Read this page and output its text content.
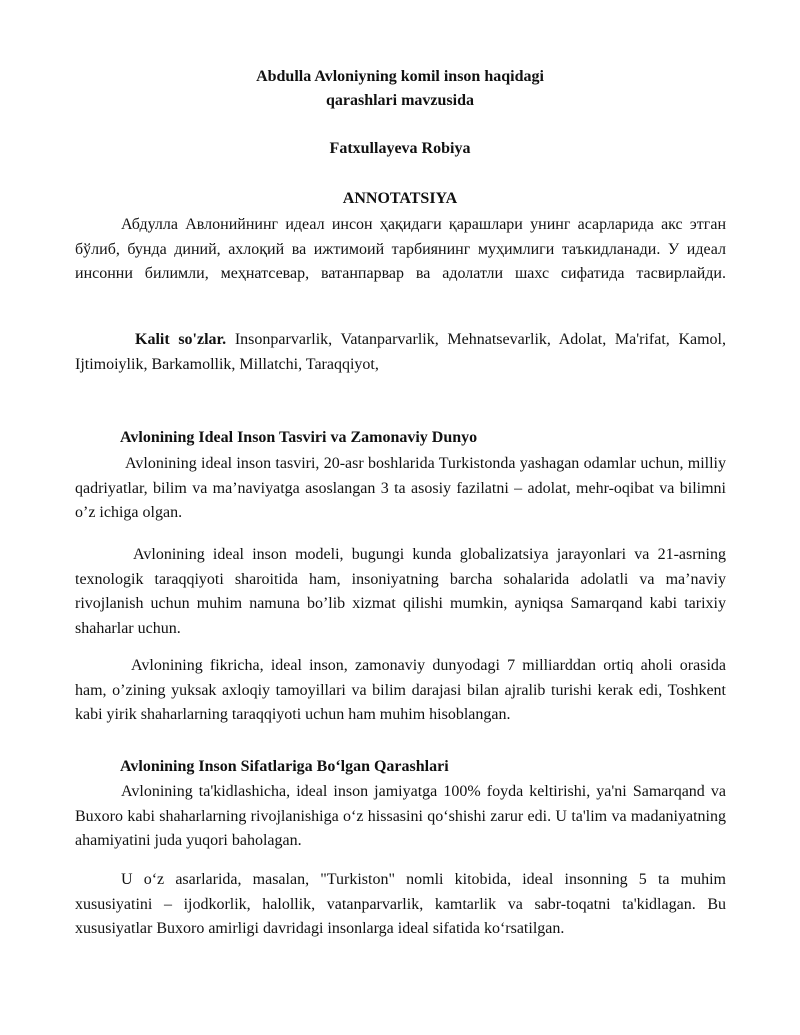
Abdulla Avloniyning komil inson haqidagi
qarashlari mavzusida
Fatxullayeva Robiya
ANNOTATSIYA

Абдулла Авлонийнинг идеал инсон ҳақидаги қарашлари унинг асарларида акс этган бўлиб, бунда диний, ахлоқий ва ижтимоий тарбиянинг муҳимлиги таъкидланади. У идеал инсонни билимли, меҳнатсевар, ватанпарвар ва адолатли шахс сифатида тасвирлайди.

Kalit so'zlar. Insonparvarlik, Vatanparvarlik, Mehnatsevarlik, Adolat, Ma'rifat, Kamol, Ijtimoiylik, Barkamollik, Millatchi, Taraqqiyot,

Avlonining Ideal Inson Tasviri va Zamonaviy Dunyo

Avlonining ideal inson tasviri, 20-asr boshlarida Turkistonda yashagan odamlar uchun, milliy qadriyatlar, bilim va ma’naviyatga asoslangan 3 ta asosiy fazilatni – adolat, mehr-oqibat va bilimni o’z ichiga olgan.

Avlonining ideal inson modeli, bugungi kunda globalizatsiya jarayonlari va 21-asrning texnologik taraqqiyoti sharoitida ham, insoniyatning barcha sohalarida adolatli va ma’naviy rivojlanish uchun muhim namuna bo’lib xizmat qilishi mumkin, ayniqsa Samarqand kabi tarixiy shaharlar uchun.

Avlonining fikricha, ideal inson, zamonaviy dunyodagi 7 milliarddan ortiq aholi orasida ham, o’zining yuksak axloqiy tamoyillari va bilim darajasi bilan ajralib turishi kerak edi, Toshkent kabi yirik shaharlarning taraqqiyoti uchun ham muhim hisoblangan.

Avlonining Inson Sifatlariga Boʻlgan Qarashlari

Avlonining ta'kidlashicha, ideal inson jamiyatga 100% foyda keltirishi, ya'ni Samarqand va Buxoro kabi shaharlarning rivojlanishiga oʻz hissasini qoʻshishi zarur edi. U ta'lim va madaniyatning ahamiyatini juda yuqori baholagan.

U oʻz asarlarida, masalan, "Turkiston" nomli kitobida, ideal insonning 5 ta muhim xususiyatini – ijodkorlik, halollik, vatanparvarlik, kamtarlik va sabr-toqatni ta'kidlagan. Bu xususiyatlar Buxoro amirligi davridagi insonlarga ideal sifatida koʻrsatilgan.
